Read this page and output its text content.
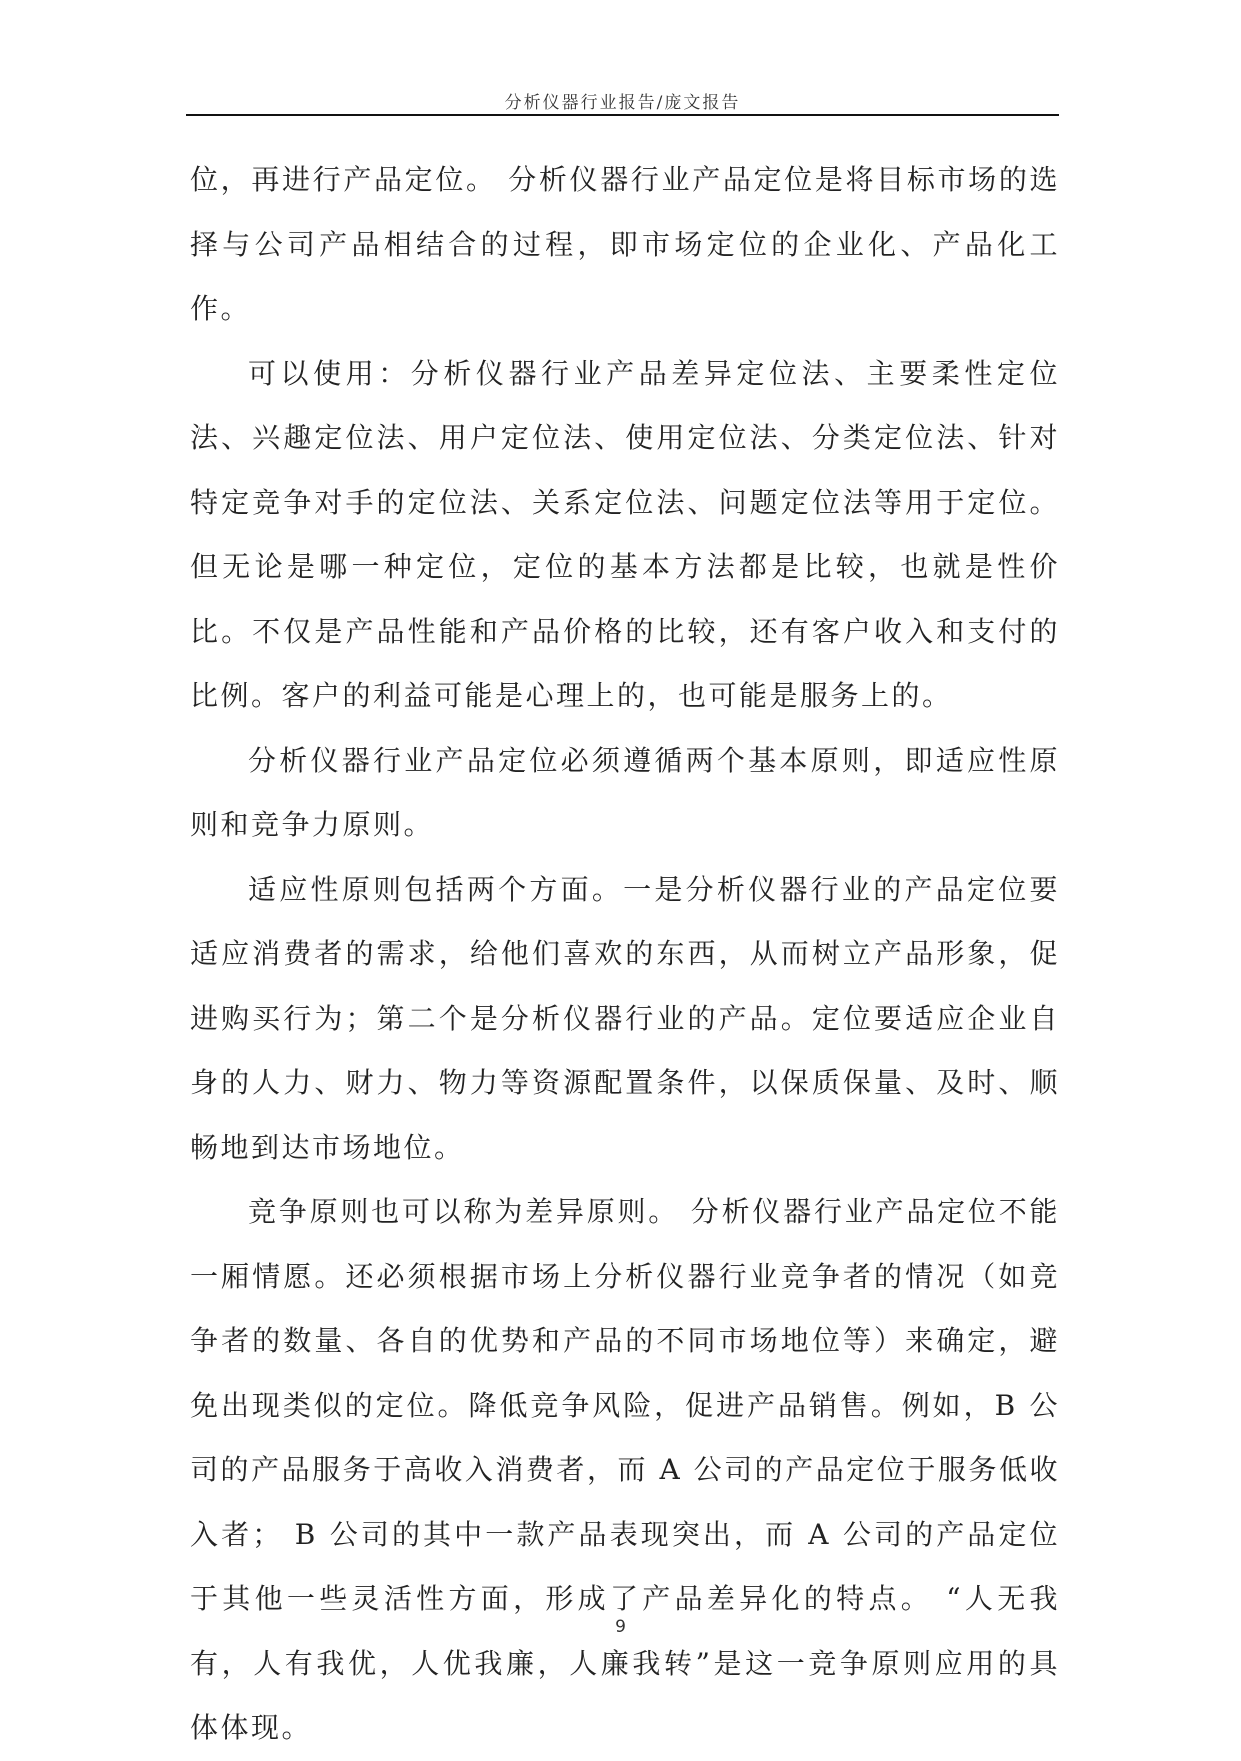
分析仪器行业报告/庞文报告

位，再进行产品定位。 分析仪器行业产品定位是将目标市场的选择与公司产品相结合的过程，即市场定位的企业化、产品化工作。

可以使用：分析仪器行业产品差异定位法、主要柔性定位法、兴趣定位法、用户定位法、使用定位法、分类定位法、针对特定竞争对手的定位法、关系定位法、问题定位法等用于定位。但无论是哪一种定位，定位的基本方法都是比较，也就是性价比。不仅是产品性能和产品价格的比较，还有客户收入和支付的比例。客户的利益可能是心理上的，也可能是服务上的。

分析仪器行业产品定位必须遵循两个基本原则，即适应性原则和竞争力原则。

适应性原则包括两个方面。一是分析仪器行业的产品定位要适应消费者的需求，给他们喜欢的东西，从而树立产品形象，促进购买行为；第二个是分析仪器行业的产品。定位要适应企业自身的人力、财力、物力等资源配置条件，以保质保量、及时、顺畅地到达市场地位。

竞争原则也可以称为差异原则。 分析仪器行业产品定位不能一厢情愿。还必须根据市场上分析仪器行业竞争者的情况（如竞争者的数量、各自的优势和产品的不同市场地位等）来确定，避免出现类似的定位。降低竞争风险，促进产品销售。例如，B 公司的产品服务于高收入消费者，而 A 公司的产品定位于服务低收入者； B 公司的其中一款产品表现突出，而 A 公司的产品定位于其他一些灵活性方面，形成了产品差异化的特点。 “人无我有，人有我优，人优我廉，人廉我转”是这一竞争原则应用的具体体现。

9
